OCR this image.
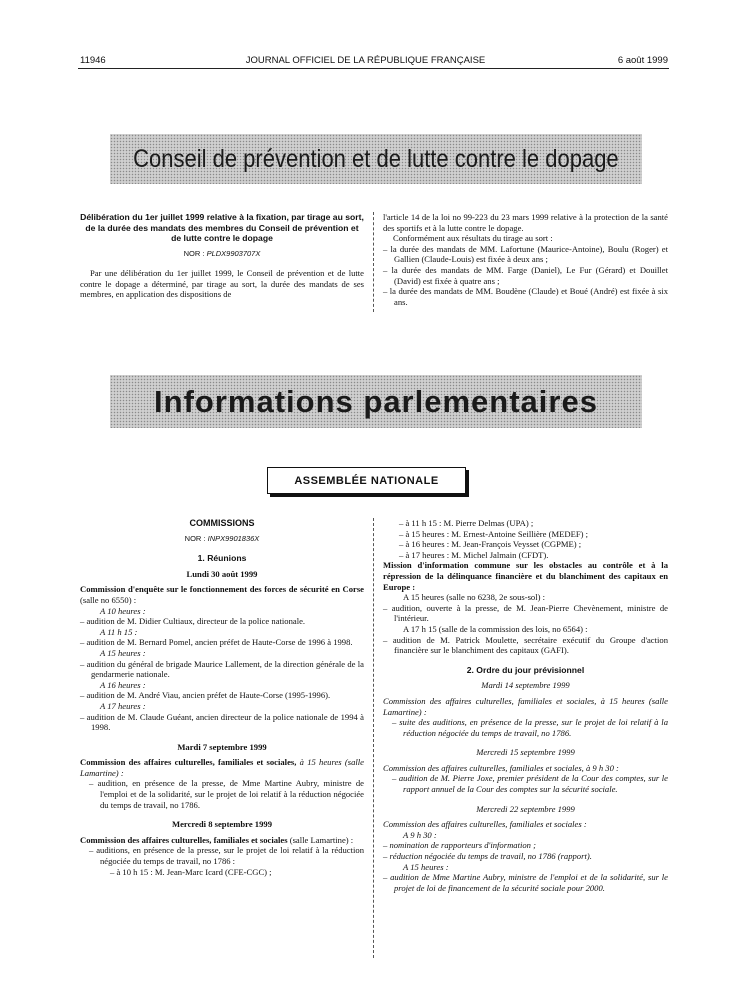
11946	JOURNAL OFFICIEL DE LA RÉPUBLIQUE FRANÇAISE	6 août 1999
Conseil de prévention et de lutte contre le dopage

Délibération du 1er juillet 1999 relative à la fixation, par tirage au sort, de la durée des mandats des membres du Conseil de prévention et de lutte contre le dopage

NOR : PLDX9903707X

Par une délibération du 1er juillet 1999, le Conseil de prévention et de lutte contre le dopage a déterminé, par tirage au sort, la durée des mandats de ses membres, en application des dispositions de

l'article 14 de la loi no 99-223 du 23 mars 1999 relative à la protection de la santé des sportifs et à la lutte contre le dopage.

Conformément aux résultats du tirage au sort :

– la durée des mandats de MM. Lafortune (Maurice-Antoine), Boulu (Roger) et Gallien (Claude-Louis) est fixée à deux ans ;

– la durée des mandats de MM. Farge (Daniel), Le Fur (Gérard) et Douillet (David) est fixée à quatre ans ;

– la durée des mandats de MM. Boudène (Claude) et Boué (André) est fixée à six ans.

Informations parlementaires
ASSEMBLÉE NATIONALE

COMMISSIONS

NOR : INPX9901836X

1. Réunions

Lundi 30 août 1999

Commission d'enquête sur le fonctionnement des forces de sécurité en Corse (salle no 6550) :

A 10 heures :

– audition de M. Didier Cultiaux, directeur de la police nationale.

A 11 h 15 :

– audition de M. Bernard Pomel, ancien préfet de Haute-Corse de 1996 à 1998.

A 15 heures :

– audition du général de brigade Maurice Lallement, de la direction générale de la gendarmerie nationale.

A 16 heures :

– audition de M. André Viau, ancien préfet de Haute-Corse (1995-1996).

A 17 heures :

– audition de M. Claude Guéant, ancien directeur de la police nationale de 1994 à 1998.

Mardi 7 septembre 1999

Commission des affaires culturelles, familiales et sociales, à 15 heures (salle Lamartine) :

– audition, en présence de la presse, de Mme Martine Aubry, ministre de l'emploi et de la solidarité, sur le projet de loi relatif à la réduction négociée du temps de travail, no 1786.

Mercredi 8 septembre 1999

Commission des affaires culturelles, familiales et sociales (salle Lamartine) :

– auditions, en présence de la presse, sur le projet de loi relatif à la réduction négociée du temps de travail, no 1786 :

– à 10 h 15 : M. Jean-Marc Icard (CFE-CGC) ;

– à 11 h 15 : M. Pierre Delmas (UPA) ;

– à 15 heures : M. Ernest-Antoine Seillière (MEDEF) ;

– à 16 heures : M. Jean-François Veysset (CGPME) ;

– à 17 heures : M. Michel Jalmain (CFDT).

Mission d'information commune sur les obstacles au contrôle et à la répression de la délinquance financière et du blanchiment des capitaux en Europe :

A 15 heures (salle no 6238, 2e sous-sol) :

– audition, ouverte à la presse, de M. Jean-Pierre Chevènement, ministre de l'intérieur.

A 17 h 15 (salle de la commission des lois, no 6564) :

– audition de M. Patrick Moulette, secrétaire exécutif du Groupe d'action financière sur le blanchiment des capitaux (GAFI).

2. Ordre du jour prévisionnel

Mardi 14 septembre 1999

Commission des affaires culturelles, familiales et sociales, à 15 heures (salle Lamartine) :

– suite des auditions, en présence de la presse, sur le projet de loi relatif à la réduction négociée du temps de travail, no 1786.

Mercredi 15 septembre 1999

Commission des affaires culturelles, familiales et sociales, à 9 h 30 :

– audition de M. Pierre Joxe, premier président de la Cour des comptes, sur le rapport annuel de la Cour des comptes sur la sécurité sociale.

Mercredi 22 septembre 1999

Commission des affaires culturelles, familiales et sociales :

A 9 h 30 :

– nomination de rapporteurs d'information ;

– réduction négociée du temps de travail, no 1786 (rapport).

A 15 heures :

– audition de Mme Martine Aubry, ministre de l'emploi et de la solidarité, sur le projet de loi de financement de la sécurité sociale pour 2000.
